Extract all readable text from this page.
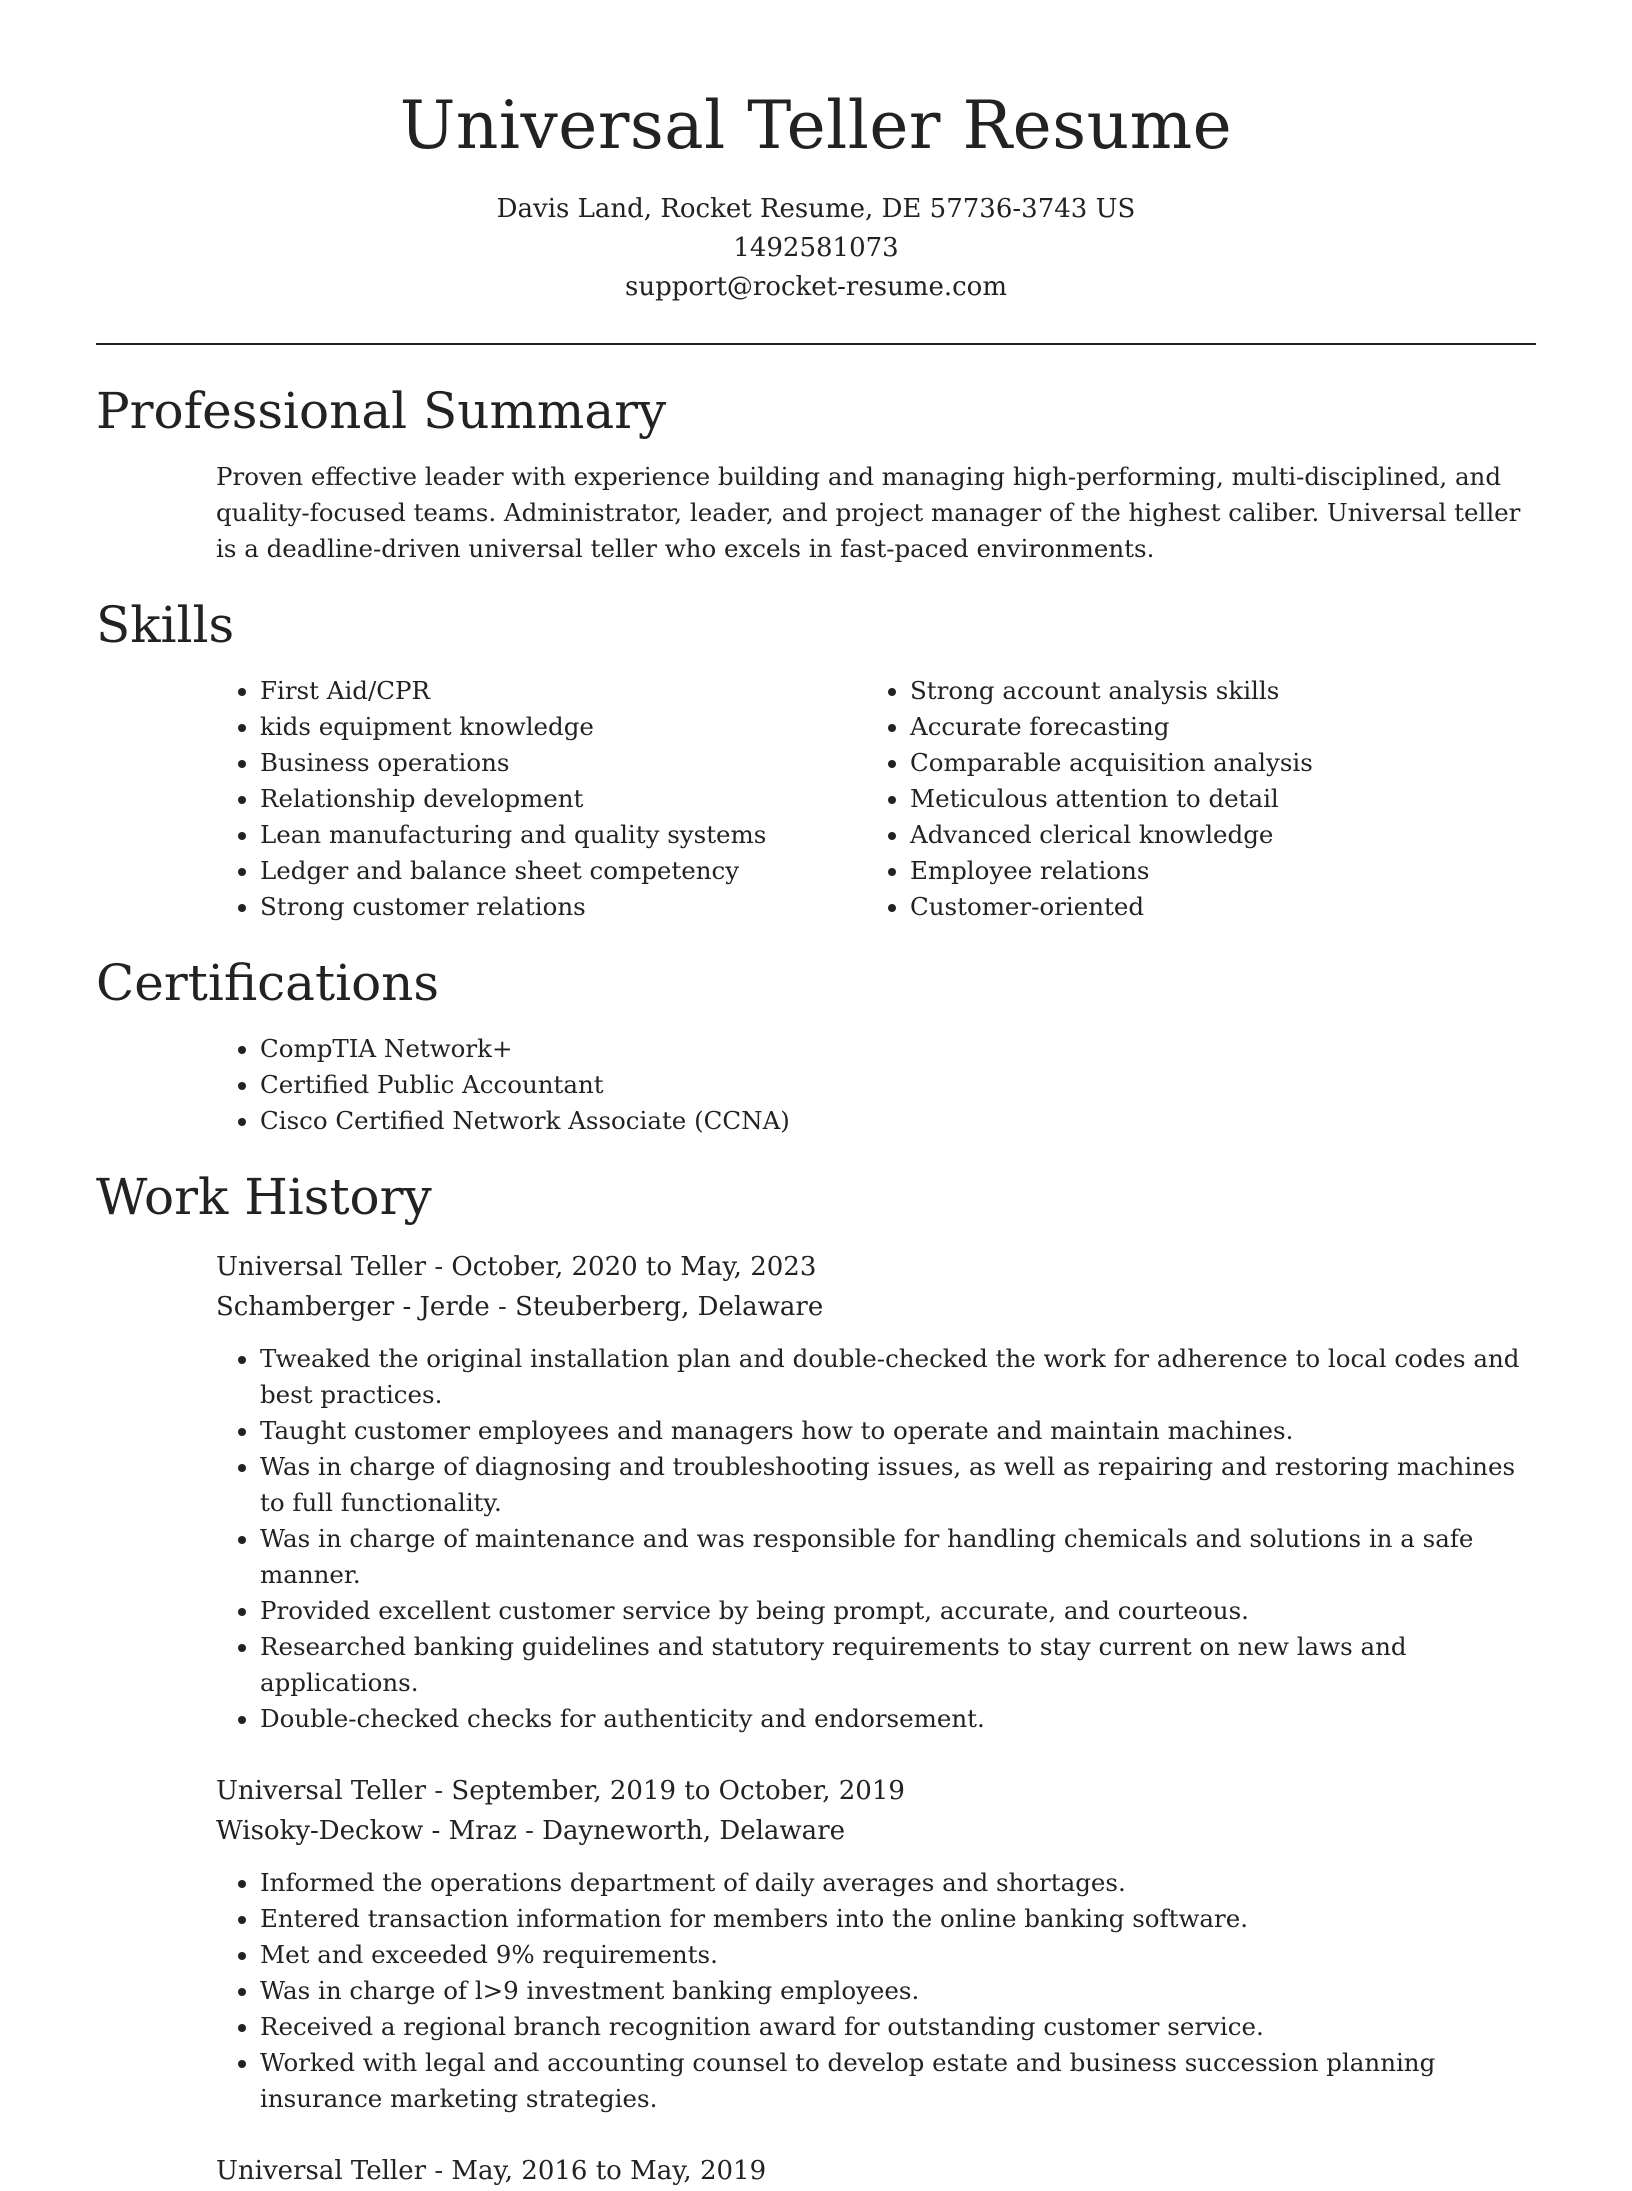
Universal Teller Resume
Davis Land, Rocket Resume, DE 57736-3743 US
1492581073
support@rocket-resume.com
Professional Summary

Proven effective leader with experience building and managing high-performing, multi-disciplined, and quality-focused teams. Administrator, leader, and project manager of the highest caliber. Universal teller is a deadline-driven universal teller who excels in fast-paced environments.

Skills
• First Aid/CPR
• kids equipment knowledge
• Business operations
• Relationship development
• Lean manufacturing and quality systems
• Ledger and balance sheet competency
• Strong customer relations
• Strong account analysis skills
• Accurate forecasting
• Comparable acquisition analysis
• Meticulous attention to detail
• Advanced clerical knowledge
• Employee relations
• Customer-oriented
Certifications
• CompTIA Network+
• Certified Public Accountant
• Cisco Certified Network Associate (CCNA)
Work History
Universal Teller - October, 2020 to May, 2023
Schamberger - Jerde - Steuberberg, Delaware
• Tweaked the original installation plan and double-checked the work for adherence to local codes and best practices.
• Taught customer employees and managers how to operate and maintain machines.
• Was in charge of diagnosing and troubleshooting issues, as well as repairing and restoring machines to full functionality.
• Was in charge of maintenance and was responsible for handling chemicals and solutions in a safe manner.
• Provided excellent customer service by being prompt, accurate, and courteous.
• Researched banking guidelines and statutory requirements to stay current on new laws and applications.
• Double-checked checks for authenticity and endorsement.
Universal Teller - September, 2019 to October, 2019
Wisoky-Deckow - Mraz - Dayneworth, Delaware
• Informed the operations department of daily averages and shortages.
• Entered transaction information for members into the online banking software.
• Met and exceeded 9% requirements.
• Was in charge of l>9 investment banking employees.
• Received a regional branch recognition award for outstanding customer service.
• Worked with legal and accounting counsel to develop estate and business succession planning insurance marketing strategies.
Universal Teller - May, 2016 to May, 2019
